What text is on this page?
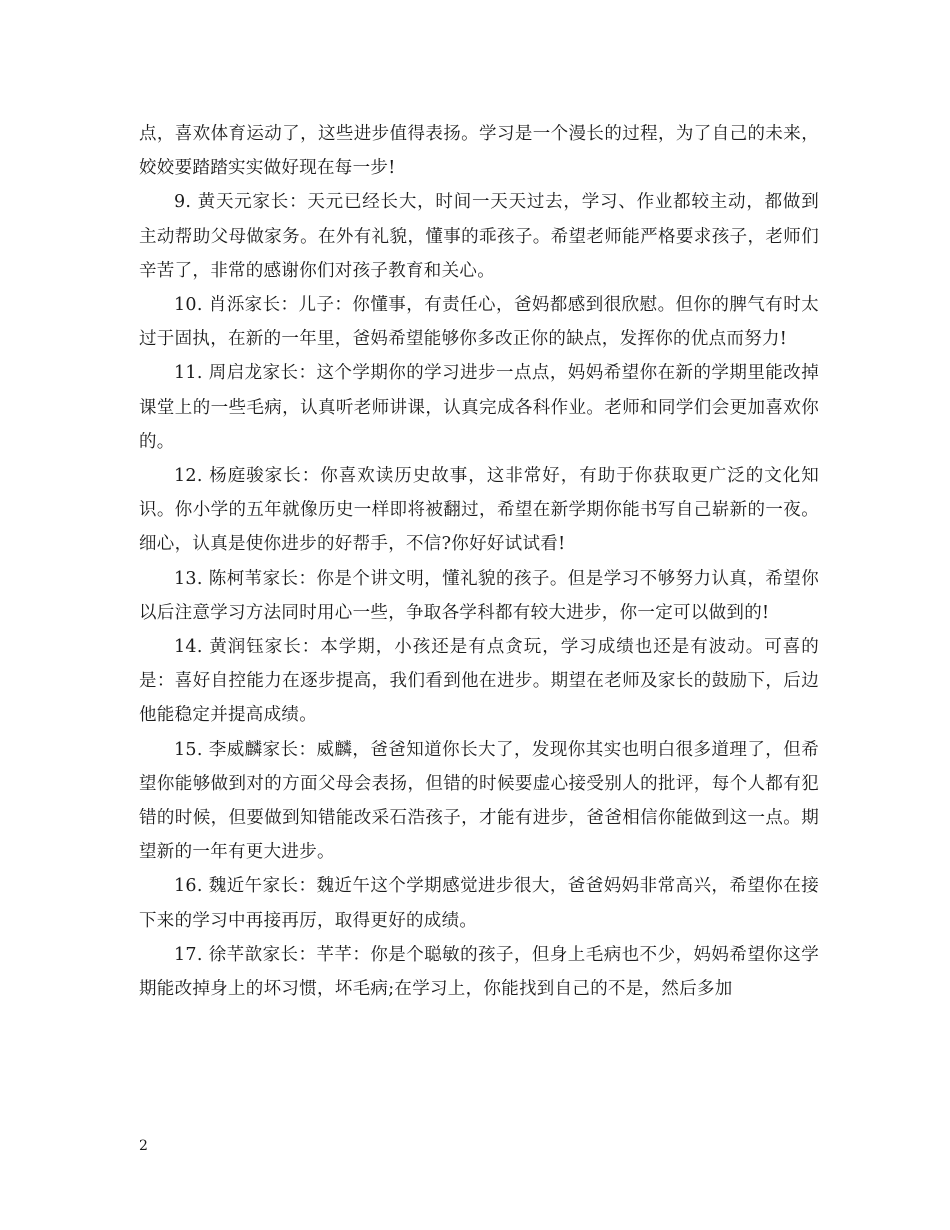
点，喜欢体育运动了，这些进步值得表扬。学习是一个漫长的过程，为了自己的未来，姣姣要踏踏实实做好现在每一步!

9. 黄天元家长：天元已经长大，时间一天天过去，学习、作业都较主动，都做到主动帮助父母做家务。在外有礼貌，懂事的乖孩子。希望老师能严格要求孩子，老师们辛苦了，非常的感谢你们对孩子教育和关心。

10. 肖泺家长：儿子：你懂事，有责任心，爸妈都感到很欣慰。但你的脾气有时太过于固执，在新的一年里，爸妈希望能够你多改正你的缺点，发挥你的优点而努力!

11. 周启龙家长：这个学期你的学习进步一点点，妈妈希望你在新的学期里能改掉课堂上的一些毛病，认真听老师讲课，认真完成各科作业。老师和同学们会更加喜欢你的。

12. 杨庭骏家长：你喜欢读历史故事，这非常好，有助于你获取更广泛的文化知识。你小学的五年就像历史一样即将被翻过，希望在新学期你能书写自己崭新的一夜。细心，认真是使你进步的好帮手，不信?你好好试试看!

13. 陈柯苇家长：你是个讲文明，懂礼貌的孩子。但是学习不够努力认真，希望你以后注意学习方法同时用心一些，争取各学科都有较大进步，你一定可以做到的!

14. 黄润钰家长：本学期，小孩还是有点贪玩，学习成绩也还是有波动。可喜的是：喜好自控能力在逐步提高，我们看到他在进步。期望在老师及家长的鼓励下，后边他能稳定并提高成绩。

15. 李威麟家长：威麟，爸爸知道你长大了，发现你其实也明白很多道理了，但希望你能够做到对的方面父母会表扬，但错的时候要虚心接受别人的批评，每个人都有犯错的时候，但要做到知错能改采石浩孩子，才能有进步，爸爸相信你能做到这一点。期望新的一年有更大进步。

16. 魏近午家长：魏近午这个学期感觉进步很大，爸爸妈妈非常高兴，希望你在接下来的学习中再接再厉，取得更好的成绩。

17. 徐芊歆家长：芊芊：你是个聪敏的孩子，但身上毛病也不少，妈妈希望你这学期能改掉身上的坏习惯，坏毛病;在学习上，你能找到自己的不是，然后多加

2
